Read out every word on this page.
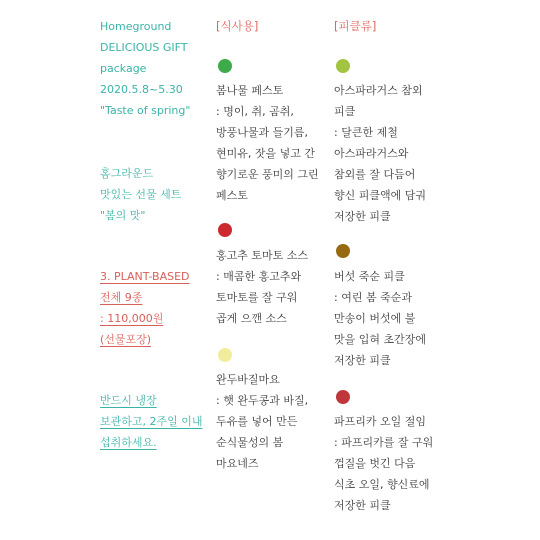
Homeground
DELICIOUS GIFT
package
2020.5.8~5.30
"Taste of spring"
홈그라운드
맛있는 선물 세트
"봄의 맛"
3. PLANT-BASED
전체 9종
: 110,000원
(선물포장)
반드시 냉장
보관하고, 2주일 이내
섭취하세요.
[식사용]
봄나물 페스토
: 명이, 취, 곰취,
방풍나물과 들기름,
현미유, 잣을 넣고 간
향기로운 풍미의 그린
페스토
홍고추 토마토 소스
: 매콤한 홍고추와
토마토를 잘 구워
곱게 으깬 소스
완두바질마요
: 햇 완두콩과 바질,
두유를 넣어 만든
순식물성의 봄
마요네즈
[피클류]
아스파라거스 참외
피클
: 달큰한 제철
아스파라거스와
참외를 잘 다듬어
향신 피클액에 담궈
저장한 피클
버섯 죽순 피클
: 여린 봄 죽순과
만송이 버섯에 불
맛을 입혀 초간장에
저장한 피클
파프리카 오일 절임
: 파프리카를 잘 구워
껍질을 벗긴 다음
식초 오일, 향신료에
저장한 피클
